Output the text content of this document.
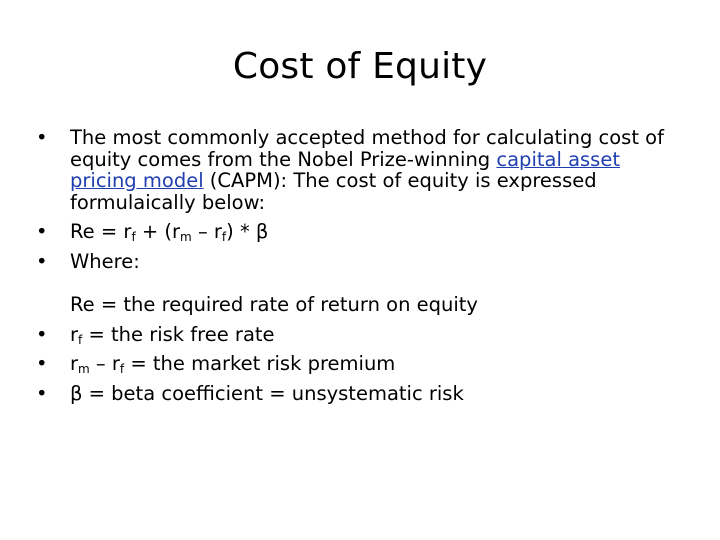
Cost of Equity
•	The most commonly accepted method for calculating cost of equity comes from the Nobel Prize-winning capital asset pricing model (CAPM): The cost of equity is expressed formulaically below:
•	$Re = r_f + (r_m - r_f) * \beta$
•	Where:
Re = the required rate of return on equity
•	$r_f$ = the risk free rate
•	$r_m - r_f$ = the market risk premium
•	β = beta coefficient = unsystematic risk
